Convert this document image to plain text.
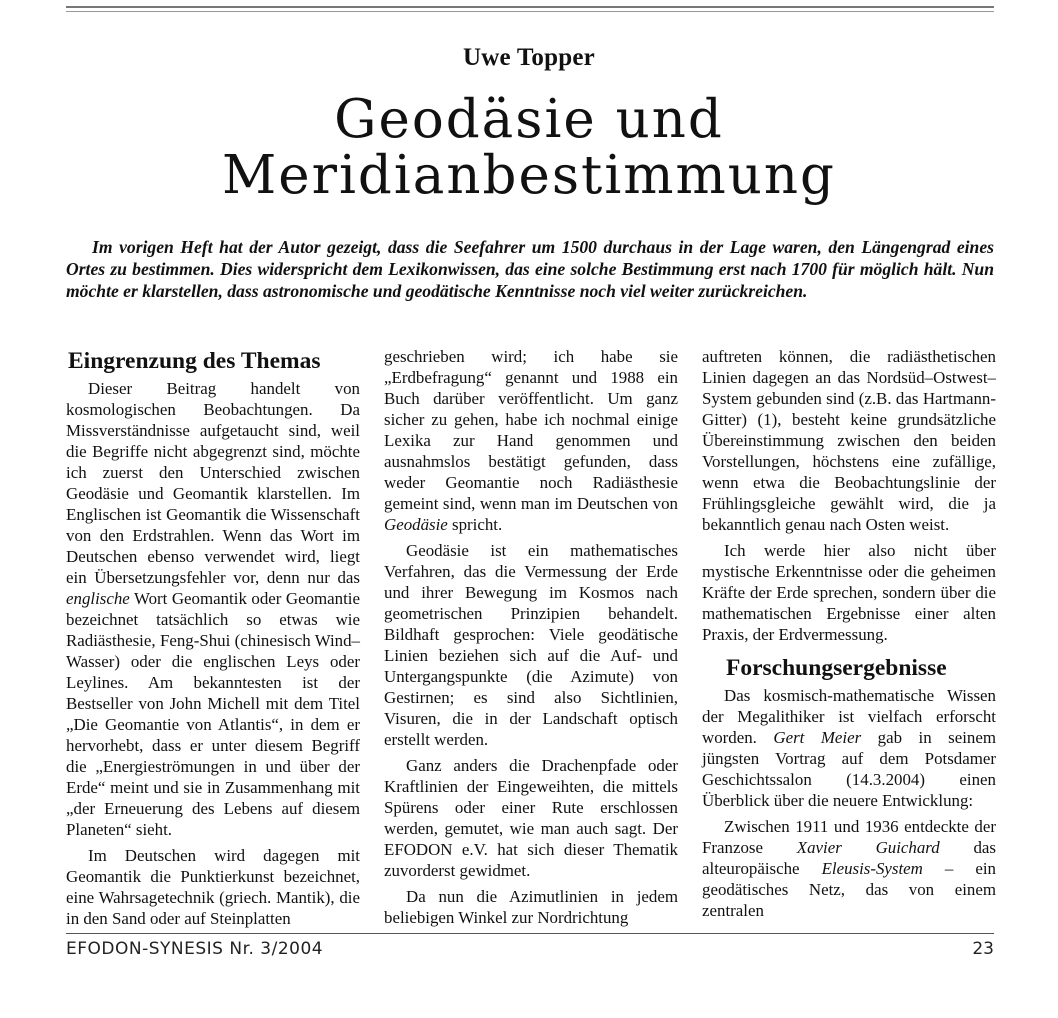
Uwe Topper
Geodäsie und
Meridianbestimmung

Im vorigen Heft hat der Autor gezeigt, dass die Seefahrer um 1500 durchaus in der Lage waren, den Längengrad eines Ortes zu bestimmen. Dies widerspricht dem Lexikonwissen, das eine solche Bestimmung erst nach 1700 für möglich hält. Nun möchte er klarstellen, dass astronomische und geodätische Kenntnisse noch viel weiter zurückreichen.

Eingrenzung des Themas

Dieser Beitrag handelt von kosmologischen Beobachtungen. Da Missverständnisse aufgetaucht sind, weil die Begriffe nicht abgegrenzt sind, möchte ich zuerst den Unterschied zwischen Geodäsie und Geomantik klarstellen. Im Englischen ist Geomantik die Wissenschaft von den Erdstrahlen. Wenn das Wort im Deutschen ebenso verwendet wird, liegt ein Übersetzungsfehler vor, denn nur das englische Wort Geomantik oder Geomantie bezeichnet tatsächlich so etwas wie Radiästhesie, Feng-Shui (chinesisch Wind–Wasser) oder die englischen Leys oder Leylines. Am bekanntesten ist der Bestseller von John Michell mit dem Titel „Die Geomantie von Atlantis“, in dem er hervorhebt, dass er unter diesem Begriff die „Energieströmungen in und über der Erde“ meint und sie in Zusammenhang mit „der Erneuerung des Lebens auf diesem Planeten“ sieht.

Im Deutschen wird dagegen mit Geomantik die Punktierkunst bezeichnet, eine Wahrsagetechnik (griech. Mantik), die in den Sand oder auf Steinplatten

geschrieben wird; ich habe sie „Erdbefragung“ genannt und 1988 ein Buch darüber veröffentlicht. Um ganz sicher zu gehen, habe ich nochmal einige Lexika zur Hand genommen und ausnahmslos bestätigt gefunden, dass weder Geomantie noch Radiästhesie gemeint sind, wenn man im Deutschen von Geodäsie spricht.

Geodäsie ist ein mathematisches Verfahren, das die Vermessung der Erde und ihrer Bewegung im Kosmos nach geometrischen Prinzipien behandelt. Bildhaft gesprochen: Viele geodätische Linien beziehen sich auf die Auf- und Untergangspunkte (die Azimute) von Gestirnen; es sind also Sichtlinien, Visuren, die in der Landschaft optisch erstellt werden.

Ganz anders die Drachenpfade oder Kraftlinien der Eingeweihten, die mittels Spürens oder einer Rute erschlossen werden, gemutet, wie man auch sagt. Der EFODON e.V. hat sich dieser Thematik zuvorderst gewidmet.

Da nun die Azimutlinien in jedem beliebigen Winkel zur Nordrichtung

auftreten können, die radiästhetischen Linien dagegen an das Nordsüd–Ostwest–System gebunden sind (z.B. das Hartmann-Gitter) (1), besteht keine grundsätzliche Übereinstimmung zwischen den beiden Vorstellungen, höchstens eine zufällige, wenn etwa die Beobachtungslinie der Frühlingsgleiche gewählt wird, die ja bekanntlich genau nach Osten weist.

Ich werde hier also nicht über mystische Erkenntnisse oder die geheimen Kräfte der Erde sprechen, sondern über die mathematischen Ergebnisse einer alten Praxis, der Erdvermessung.

Forschungsergebnisse

Das kosmisch-mathematische Wissen der Megalithiker ist vielfach erforscht worden. Gert Meier gab in seinem jüngsten Vortrag auf dem Potsdamer Geschichtssalon (14.3.2004) einen Überblick über die neuere Entwicklung:

Zwischen 1911 und 1936 entdeckte der Franzose Xavier Guichard das alteuropäische Eleusis-System – ein geodätisches Netz, das von einem zentralen

EFODON-SYNESIS Nr. 3/2004	23
